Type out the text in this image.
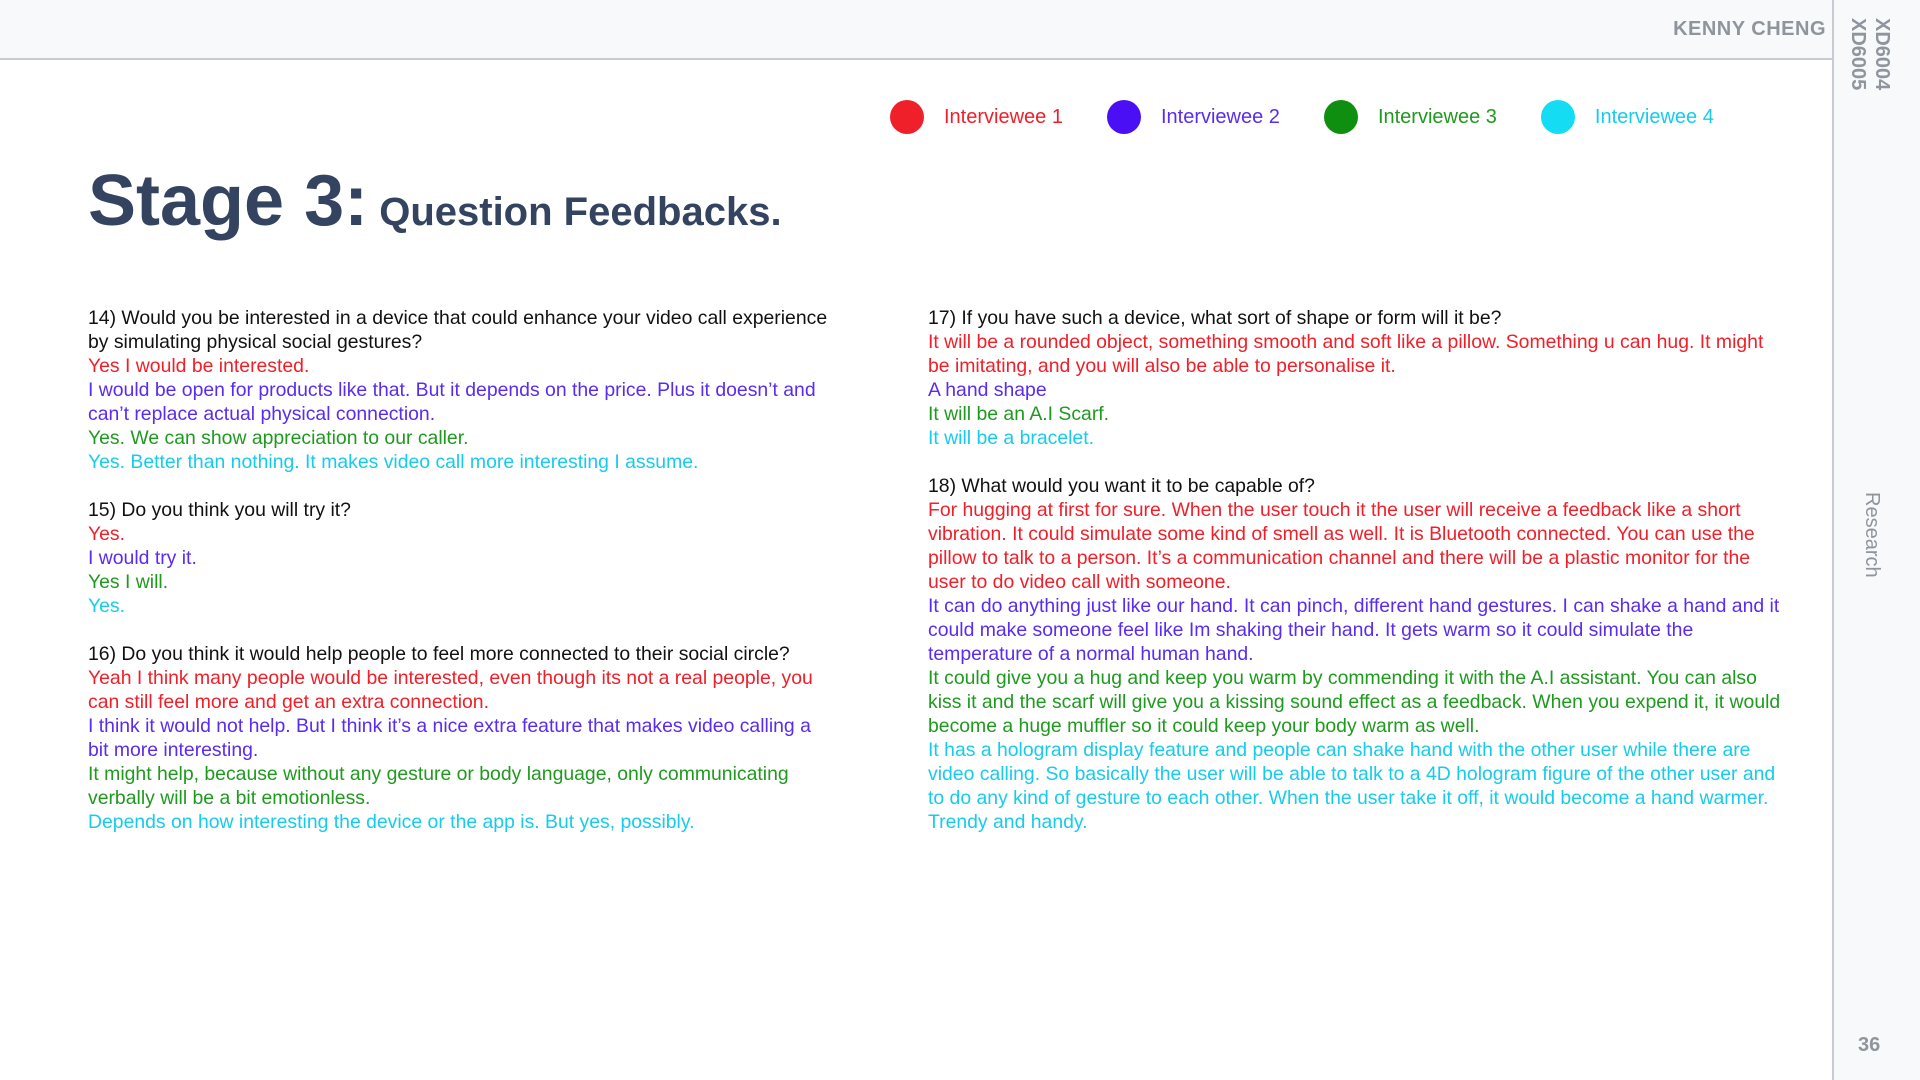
KENNY CHENG XD6004
XD6005
Research
36
Interviewee 1	Interviewee 2	Interviewee 3	Interviewee 4
Stage 3: Question Feedbacks.

14) Would you be interested in a device that could enhance your video call experience by simulating physical social gestures?

Yes I would be interested.

I would be open for products like that. But it depends on the price. Plus it doesn’t and can’t replace actual physical connection.

Yes. We can show appreciation to our caller.

Yes. Better than nothing. It makes video call more interesting I assume.

15) Do you think you will try it?

Yes.

I would try it.

Yes I will.

Yes.

16) Do you think it would help people to feel more connected to their social circle?

Yeah I think many people would be interested, even though its not a real people, you can still feel more and get an extra connection.

I think it would not help. But I think it’s a nice extra feature that makes video calling a bit more interesting.

It might help, because without any gesture or body language, only communicating verbally will be a bit emotionless.

Depends on how interesting the device or the app is. But yes, possibly.

17) If you have such a device, what sort of shape or form will it be?

It will be a rounded object, something smooth and soft like a pillow. Something u can hug. It might be imitating, and you will also be able to personalise it.

A hand shape

It will be an A.I Scarf.

It will be a bracelet.

18) What would you want it to be capable of?

For hugging at first for sure. When the user touch it the user will receive a feedback like a short vibration. It could simulate some kind of smell as well. It is Bluetooth connected. You can use the pillow to talk to a person. It’s a communication channel and there will be a plastic monitor for the user to do video call with someone.

It can do anything just like our hand. It can pinch, different hand gestures. I can shake a hand and it could make someone feel like Im shaking their hand. It gets warm so it could simulate the temperature of a normal human hand.

It could give you a hug and keep you warm by commending it with the A.I assistant. You can also kiss it and the scarf will give you a kissing sound effect as a feedback. When you expend it, it would become a huge muffler so it could keep your body warm as well.

It has a hologram display feature and people can shake hand with the other user while there are video calling. So basically the user will be able to talk to a 4D hologram figure of the other user and to do any kind of gesture to each other. When the user take it off, it would become a hand warmer. Trendy and handy.
